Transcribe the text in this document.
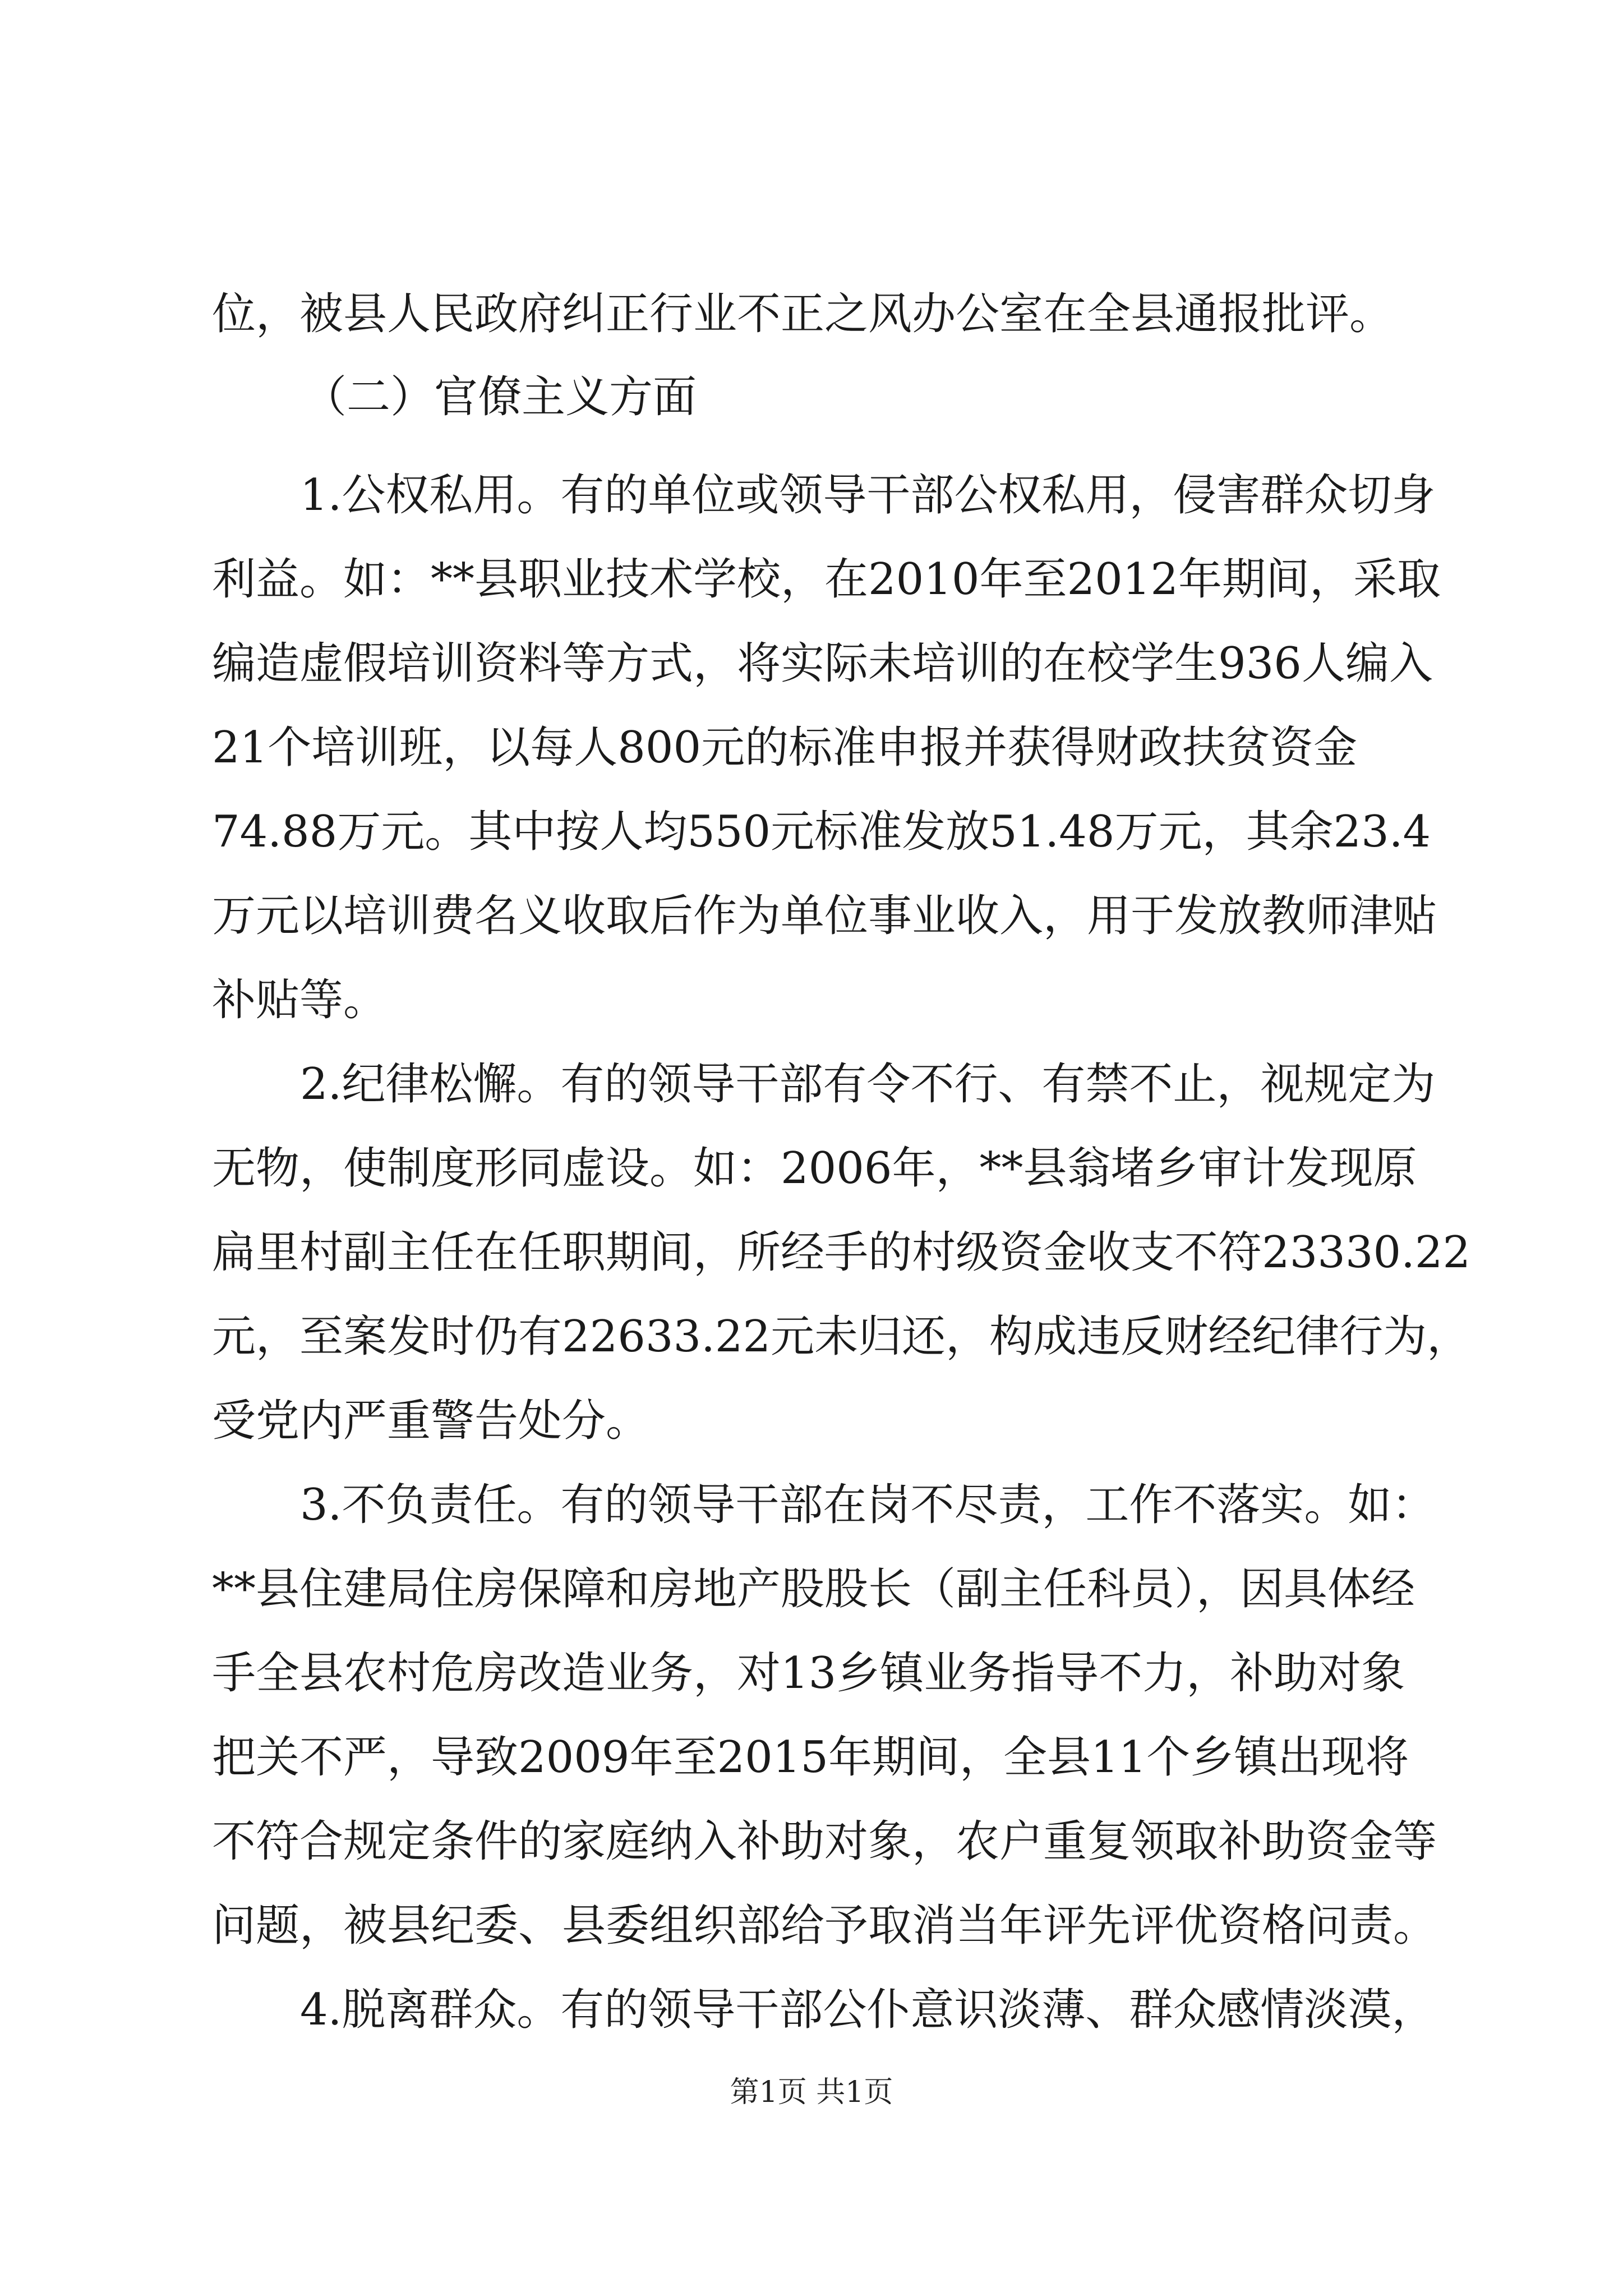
位，被县人民政府纠正行业不正之风办公室在全县通报批评。
（二）官僚主义方面
1.公权私用。有的单位或领导干部公权私用，侵害群众切身
利益。如：**县职业技术学校，在2010年至2012年期间，采取
编造虚假培训资料等方式，将实际未培训的在校学生936人编入
21个培训班，以每人800元的标准申报并获得财政扶贫资金
74.88万元。其中按人均550元标准发放51.48万元，其余23.4
万元以培训费名义收取后作为单位事业收入，用于发放教师津贴
补贴等。
2.纪律松懈。有的领导干部有令不行、有禁不止，视规定为
无物，使制度形同虚设。如：2006年，**县翁堵乡审计发现原
扁里村副主任在任职期间，所经手的村级资金收支不符23330.22
元，至案发时仍有22633.22元未归还，构成违反财经纪律行为，
受党内严重警告处分。
3.不负责任。有的领导干部在岗不尽责，工作不落实。如：
**县住建局住房保障和房地产股股长（副主任科员），因具体经
手全县农村危房改造业务，对13乡镇业务指导不力，补助对象
把关不严，导致2009年至2015年期间，全县11个乡镇出现将
不符合规定条件的家庭纳入补助对象，农户重复领取补助资金等
问题，被县纪委、县委组织部给予取消当年评先评优资格问责。
4.脱离群众。有的领导干部公仆意识淡薄、群众感情淡漠，
第1页 共1页
